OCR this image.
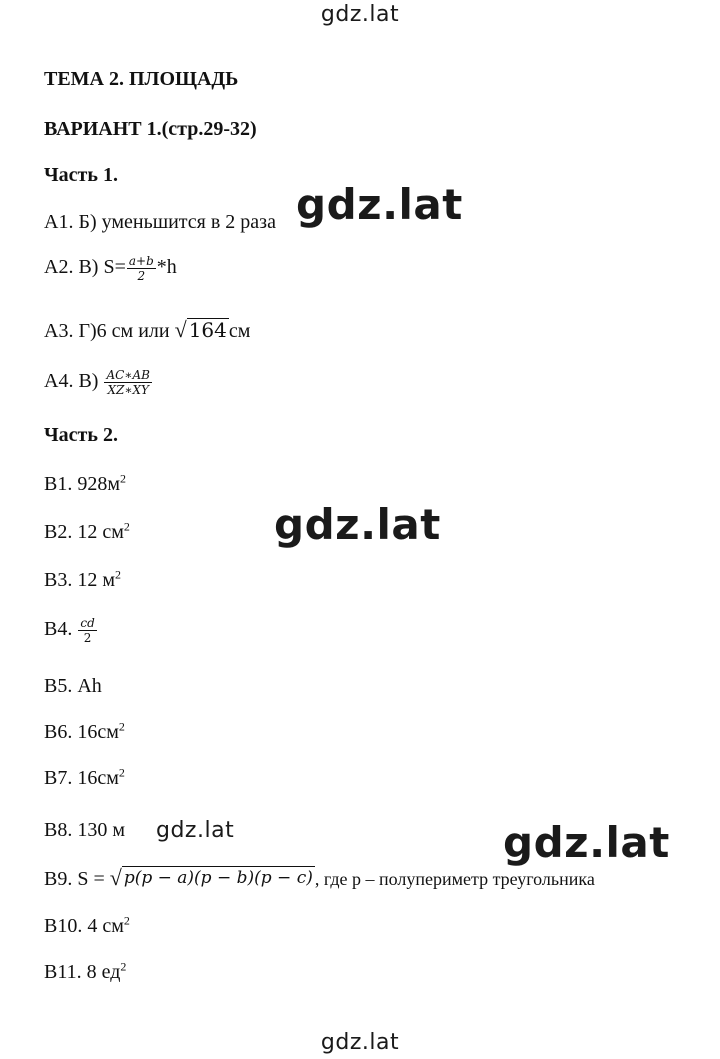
gdz.lat
gdz.lat
gdz.lat
gdz.lat
gdz.lat
gdz.lat
ТЕМА 2. ПЛОЩАДЬ
ВАРИАНТ 1.(стр.29-32)
Часть 1.
А1. Б) уменьшится в 2 раза
А2. В) $S= \frac{a+b}{2} *h$
А3. Г)6 см или √ 164 см
А4. $В) \frac{AC∗AB}{XZ∗XY}$
Часть 2.
В1. $928м^2$
В2. 12 $см^2$
В3. 12 $м^2$
В4. $\frac{cd}{2}$
В5. Ah
В6. $16см^2$
В7. $16см^2$
В8. 130 м
В9. S = √ p(p − a)(p − b)(p − c) , где p – полупериметр треугольника
В10. 4 $см^2$
В11. 8 $ед^2$
